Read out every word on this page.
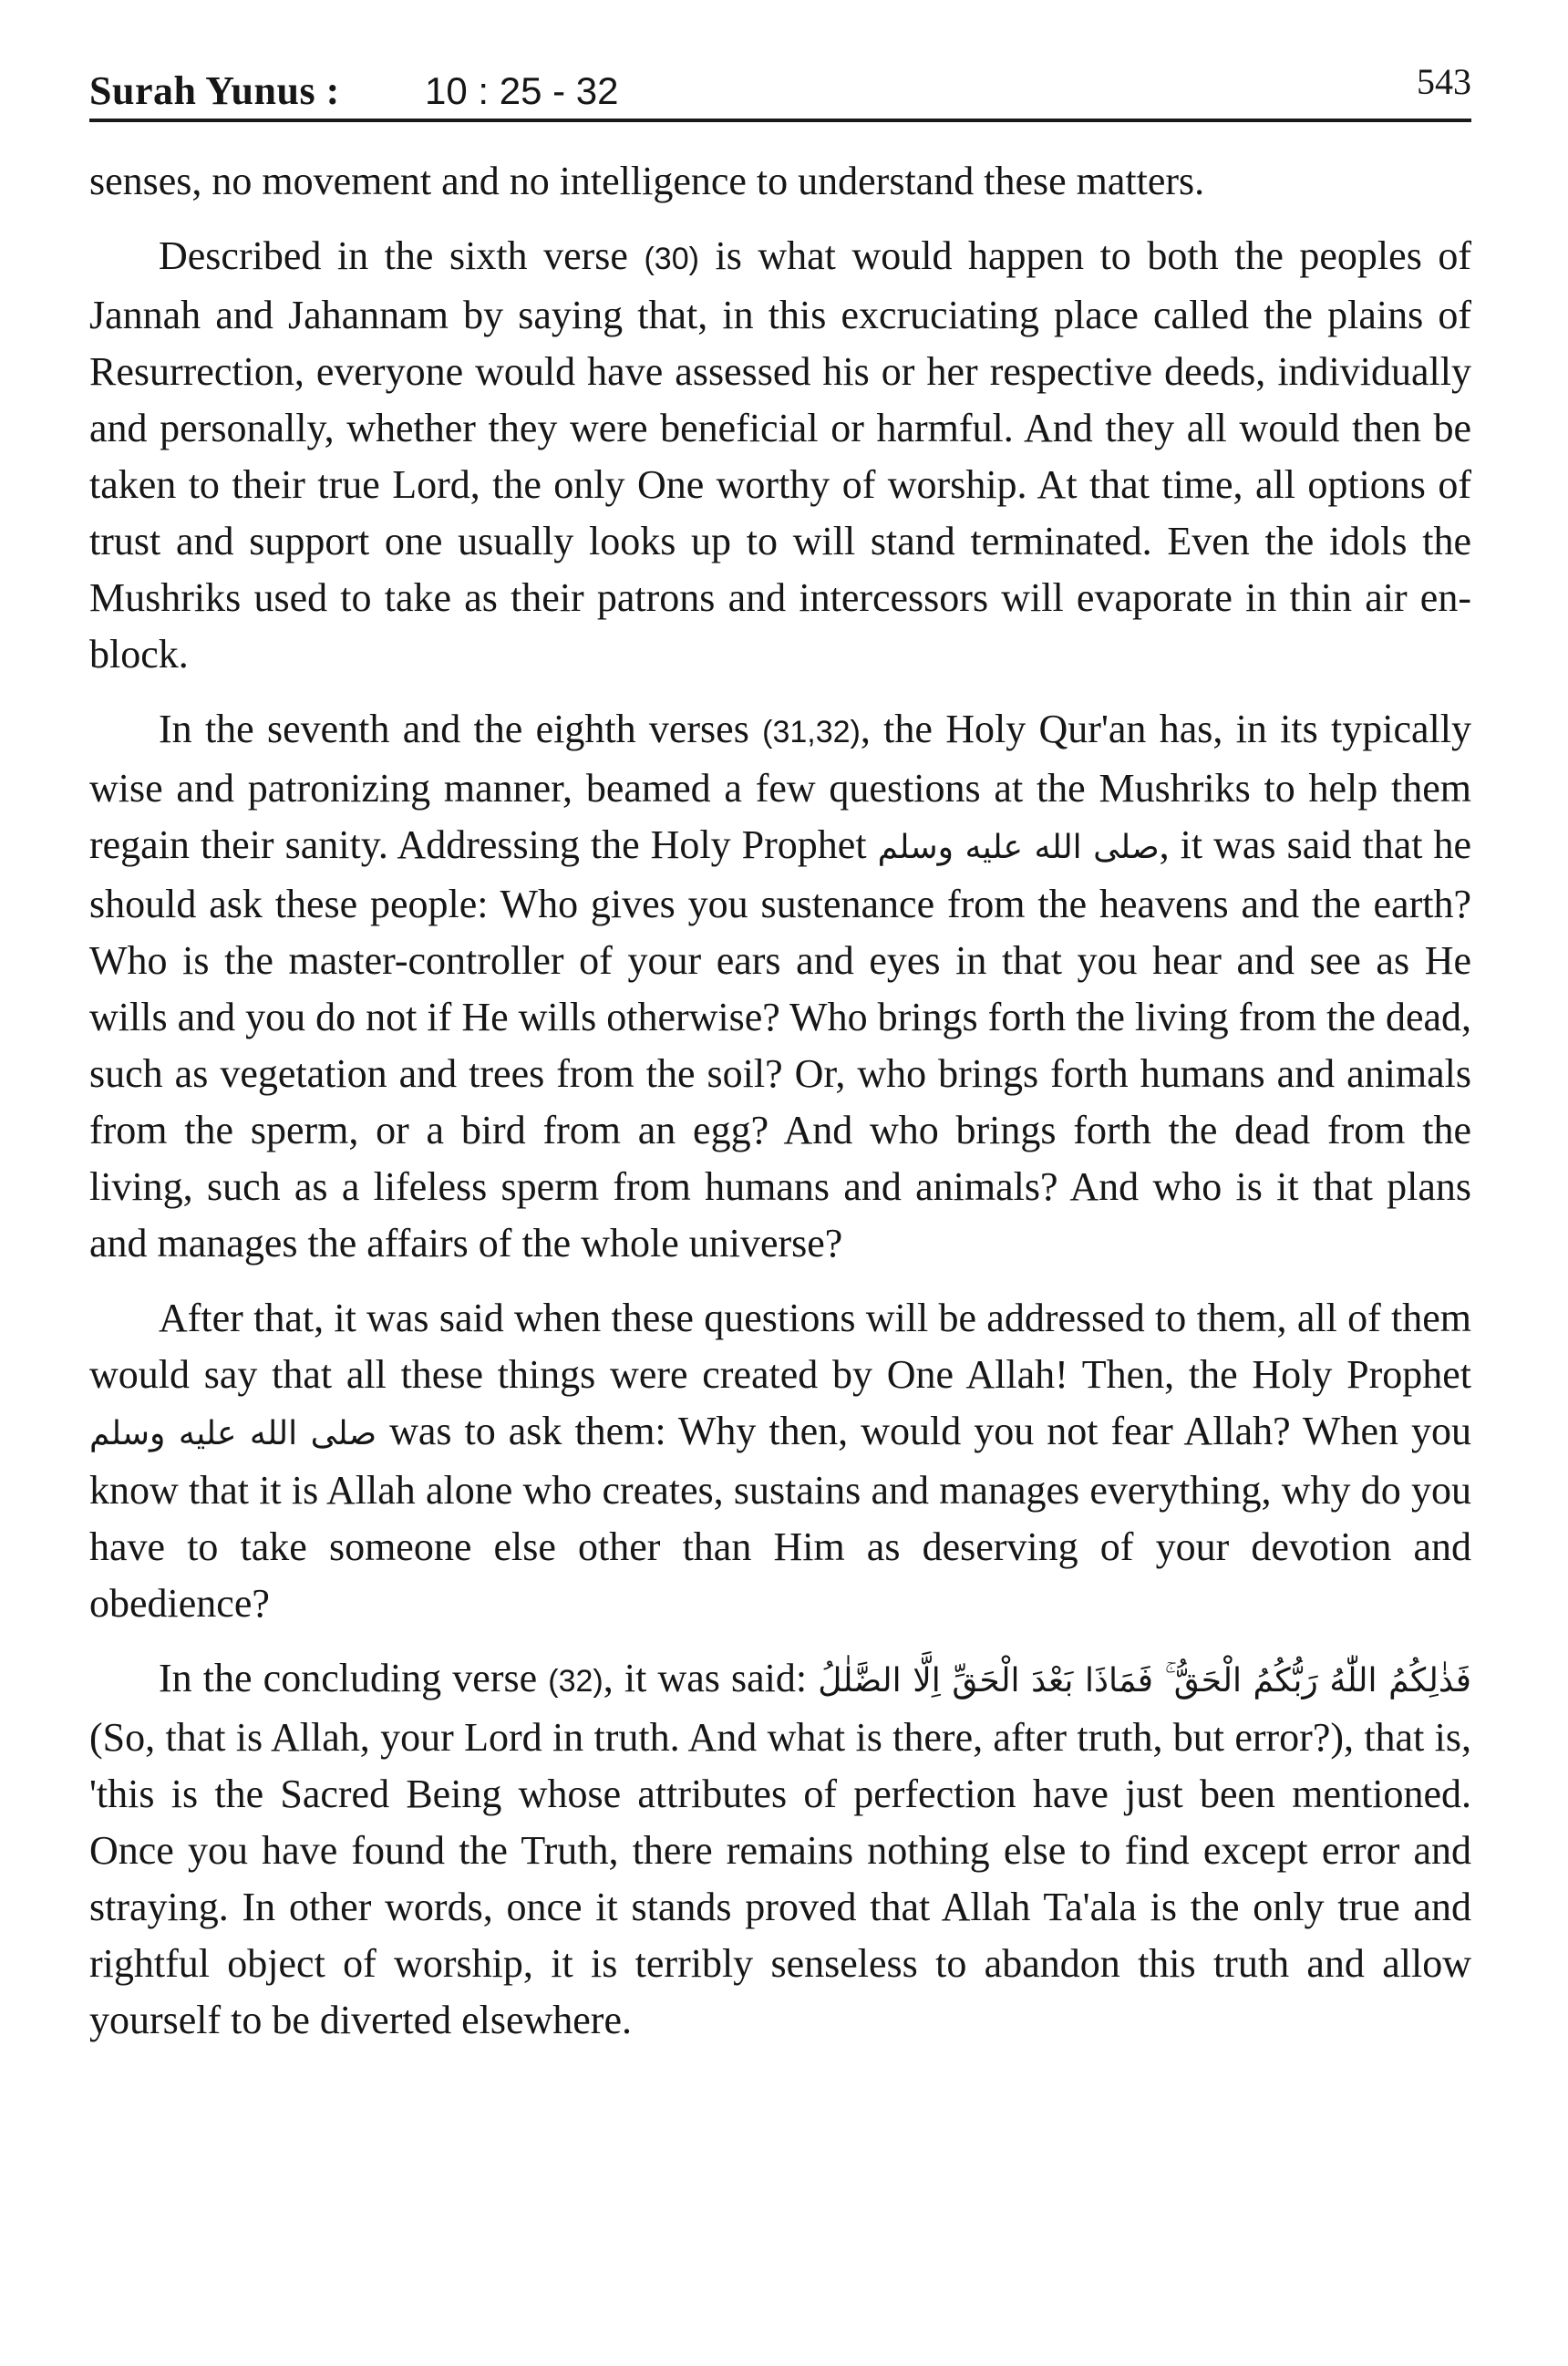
Surah Yunus : 10 : 25 - 32	543

senses, no movement and no intelligence to understand these matters.

Described in the sixth verse (30) is what would happen to both the peoples of Jannah and Jahannam by saying that, in this excruciating place called the plains of Resurrection, everyone would have assessed his or her respective deeds, individually and personally, whether they were beneficial or harmful. And they all would then be taken to their true Lord, the only One worthy of worship. At that time, all options of trust and support one usually looks up to will stand terminated. Even the idols the Mushriks used to take as their patrons and intercessors will evaporate in thin air en-block.

In the seventh and the eighth verses (31,32), the Holy Qur'an has, in its typically wise and patronizing manner, beamed a few questions at the Mushriks to help them regain their sanity. Addressing the Holy Prophet صلى الله عليه وسلم, it was said that he should ask these people: Who gives you sustenance from the heavens and the earth? Who is the master-controller of your ears and eyes in that you hear and see as He wills and you do not if He wills otherwise? Who brings forth the living from the dead, such as vegetation and trees from the soil? Or, who brings forth humans and animals from the sperm, or a bird from an egg? And who brings forth the dead from the living, such as a lifeless sperm from humans and animals? And who is it that plans and manages the affairs of the whole universe?

After that, it was said when these questions will be addressed to them, all of them would say that all these things were created by One Allah! Then, the Holy Prophet صلى الله عليه وسلم was to ask them: Why then, would you not fear Allah? When you know that it is Allah alone who creates, sustains and manages everything, why do you have to take someone else other than Him as deserving of your devotion and obedience?

In the concluding verse (32), it was said: فَذٰلِكُمُ اللّٰهُ رَبُّكُمُ الْحَقُّ ۚ فَمَاذَا بَعْدَ الْحَقِّ اِلَّا الضَّلٰلُ (So, that is Allah, your Lord in truth. And what is there, after truth, but error?), that is, 'this is the Sacred Being whose attributes of perfection have just been mentioned. Once you have found the Truth, there remains nothing else to find except error and straying. In other words, once it stands proved that Allah Ta'ala is the only true and rightful object of worship, it is terribly senseless to abandon this truth and allow yourself to be diverted elsewhere.
